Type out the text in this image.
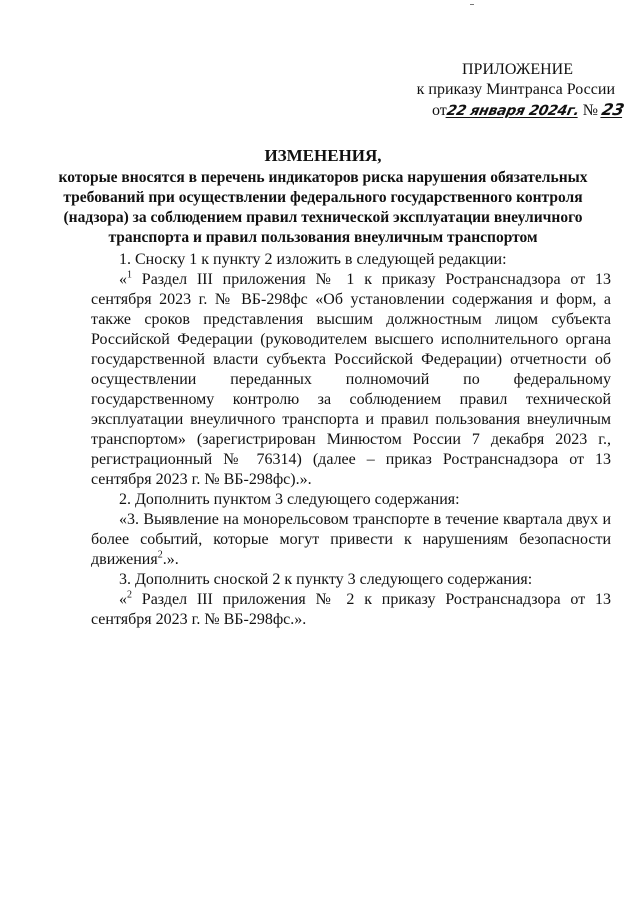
ПРИЛОЖЕНИЕ
к приказу Минтранса России
от22 января 2024г. № 23
ИЗМЕНЕНИЯ,
которые вносятся в перечень индикаторов риска нарушения обязательных требований при осуществлении федерального государственного контроля (надзора) за соблюдением правил технической эксплуатации внеуличного транспорта и правил пользования внеуличным транспортом

1. Сноску 1 к пункту 2 изложить в следующей редакции:

«$^1$ Раздел III приложения № 1 к приказу Ространснадзора от 13 сентября 2023 г. № ВБ-298фс «Об установлении содержания и форм, а также сроков представления высшим должностным лицом субъекта Российской Федерации (руководителем высшего исполнительного органа государственной власти субъекта Российской Федерации) отчетности об осуществлении переданных полномочий по федеральному государственному контролю за соблюдением правил технической эксплуатации внеуличного транспорта и правил пользования внеуличным транспортом» (зарегистрирован Минюстом России 7 декабря 2023 г., регистрационный № 76314) (далее – приказ Ространснадзора от 13 сентября 2023 г. № ВБ-298фс).».

2. Дополнить пунктом 3 следующего содержания:

«3. Выявление на монорельсовом транспорте в течение квартала двух и более событий, которые могут привести к нарушениям безопасности движения$^2$.».

3. Дополнить сноской 2 к пункту 3 следующего содержания:

«$^2$ Раздел III приложения № 2 к приказу Ространснадзора от 13 сентября 2023 г. № ВБ-298фс.».
